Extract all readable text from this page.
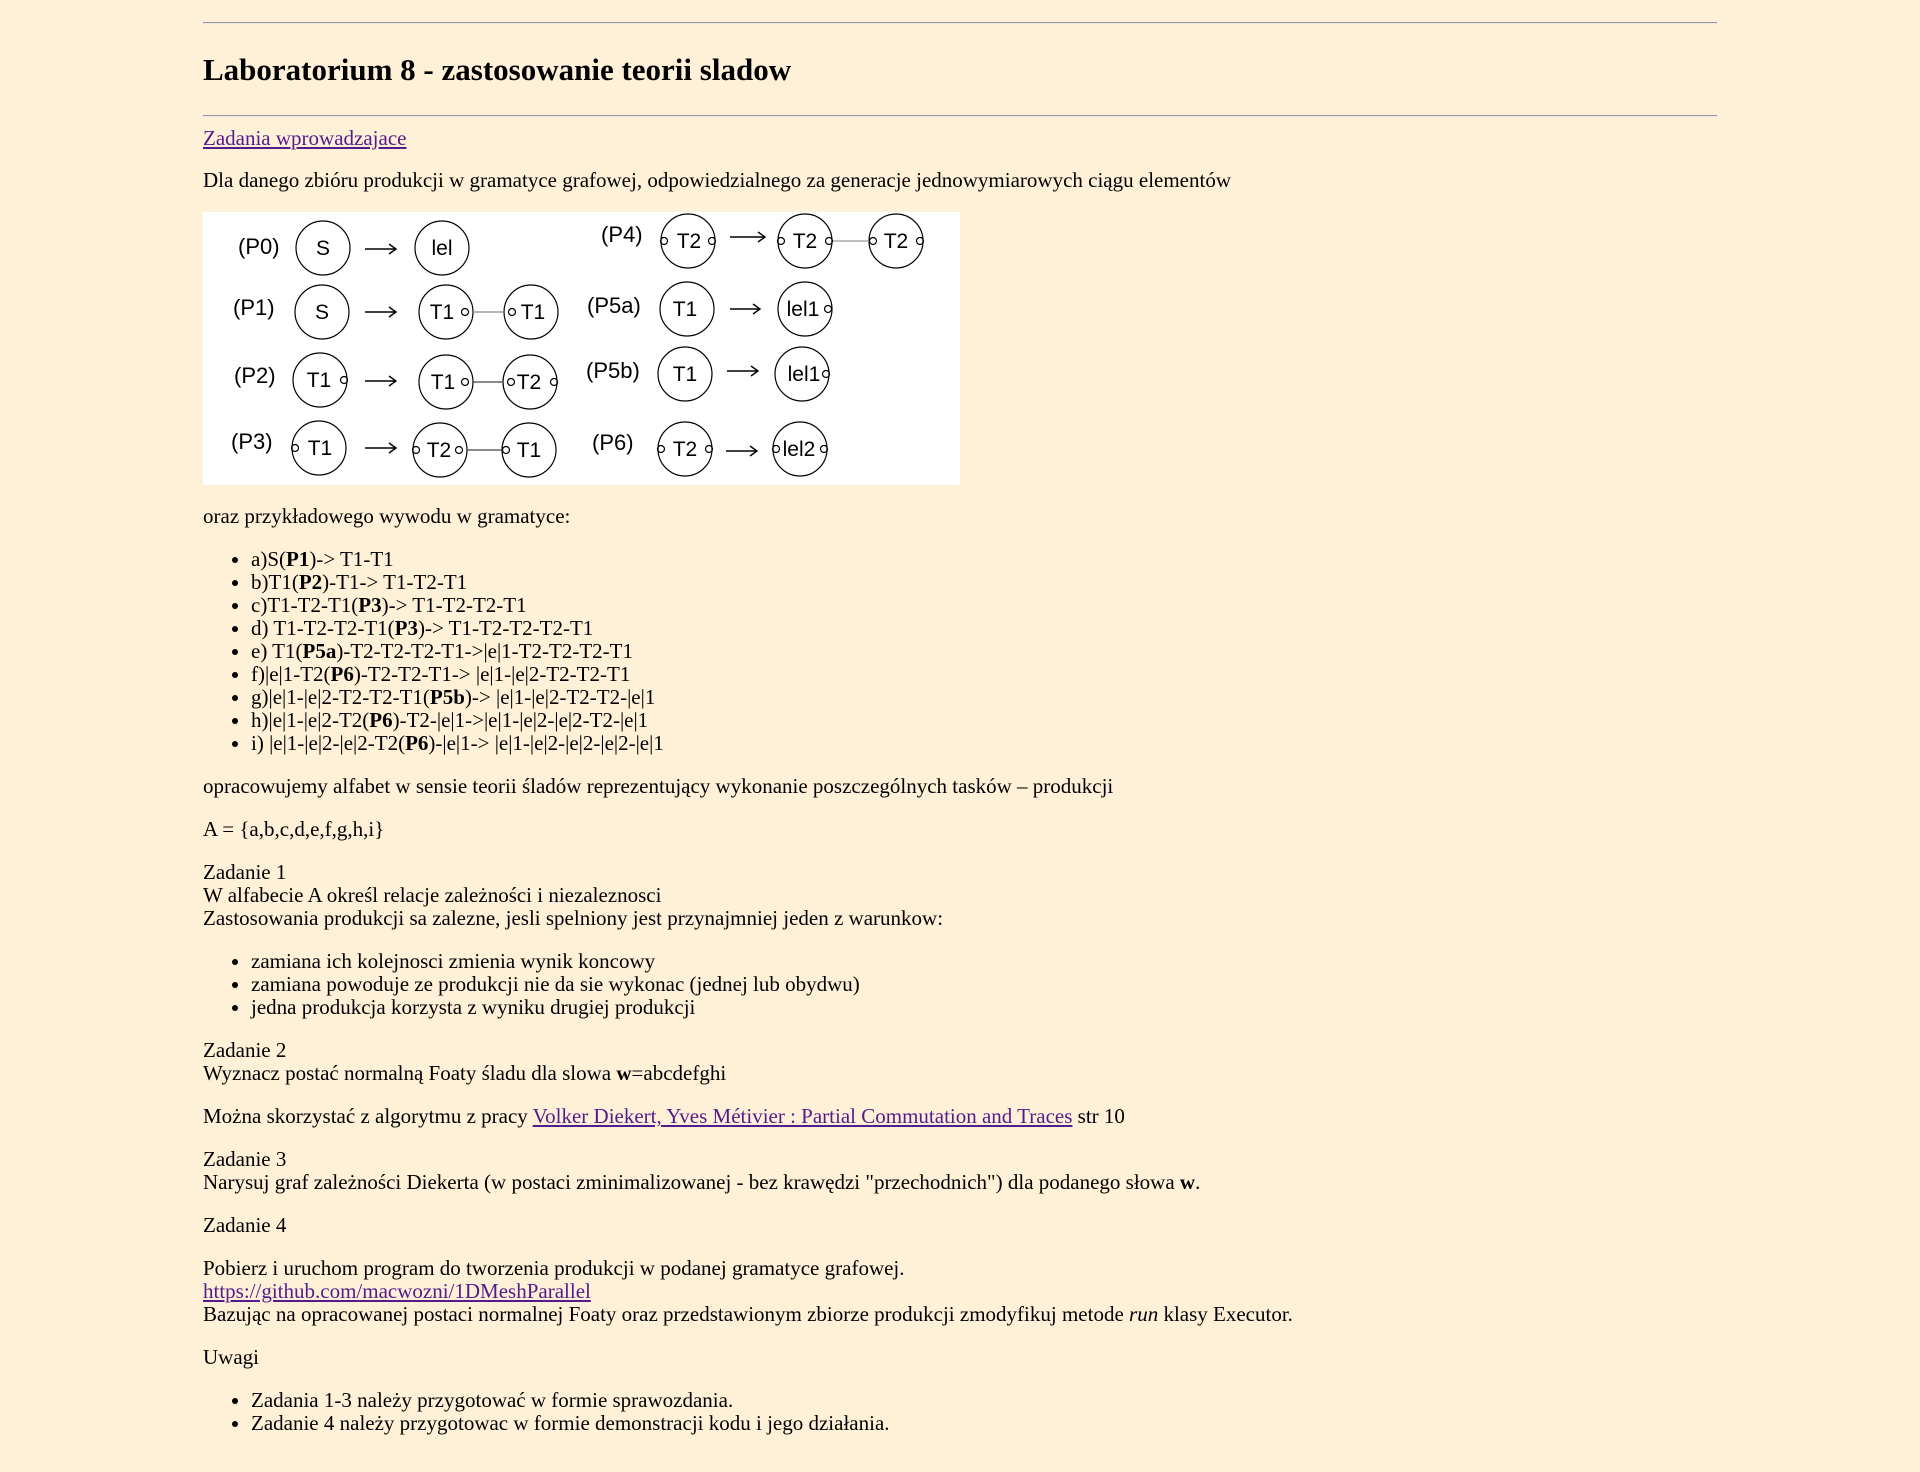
Laboratorium 8 - zastosowanie teorii sladow

Zadania wprowadzajace

Dla danego zbióru produkcji w gramatyce grafowej, odpowiedzialnego za generacje jednowymiarowych ciągu elementów

(P0)
(P1)
(P2)
(P3)
(P4)
(P5a)
(P5b)
(P6)
S	lel
S	T1	T1
T1	T1	T2
T1	T2	T1
T2	T2	T2
T1	lel1
T1	lel1
T2	lel2

oraz przykładowego wywodu w gramatyce:

• a)S(P1)-> T1-T1
• b)T1(P2)-T1-> T1-T2-T1
• c)T1-T2-T1(P3)-> T1-T2-T2-T1
• d) T1-T2-T2-T1(P3)-> T1-T2-T2-T2-T1
• e) T1(P5a)-T2-T2-T2-T1->|e|1-T2-T2-T2-T1
• f)|e|1-T2(P6)-T2-T2-T1-> |e|1-|e|2-T2-T2-T1
• g)|e|1-|e|2-T2-T2-T1(P5b)-> |e|1-|e|2-T2-T2-|e|1
• h)|e|1-|e|2-T2(P6)-T2-|e|1->|e|1-|e|2-|e|2-T2-|e|1
• i) |e|1-|e|2-|e|2-T2(P6)-|e|1-> |e|1-|e|2-|e|2-|e|2-|e|1

opracowujemy alfabet w sensie teorii śladów reprezentujący wykonanie poszczególnych tasków – produkcji

A = {a,b,c,d,e,f,g,h,i}

Zadanie 1
W alfabecie A określ relacje zależności i niezaleznosci
Zastosowania produkcji sa zalezne, jesli spelniony jest przynajmniej jeden z warunkow:

• zamiana ich kolejnosci zmienia wynik koncowy
• zamiana powoduje ze produkcji nie da sie wykonac (jednej lub obydwu)
• jedna produkcja korzysta z wyniku drugiej produkcji

Zadanie 2
Wyznacz postać normalną Foaty śladu dla slowa w=abcdefghi

Można skorzystać z algorytmu z pracy Volker Diekert, Yves Métivier : Partial Commutation and Traces str 10

Zadanie 3
Narysuj graf zależności Diekerta (w postaci zminimalizowanej - bez krawędzi "przechodnich") dla podanego słowa w.

Zadanie 4

Pobierz i uruchom program do tworzenia produkcji w podanej gramatyce grafowej.
https://github.com/macwozni/1DMeshParallel
Bazując na opracowanej postaci normalnej Foaty oraz przedstawionym zbiorze produkcji zmodyfikuj metode run klasy Executor.

Uwagi

• Zadania 1-3 należy przygotować w formie sprawozdania.
• Zadanie 4 należy przygotowac w formie demonstracji kodu i jego działania.
